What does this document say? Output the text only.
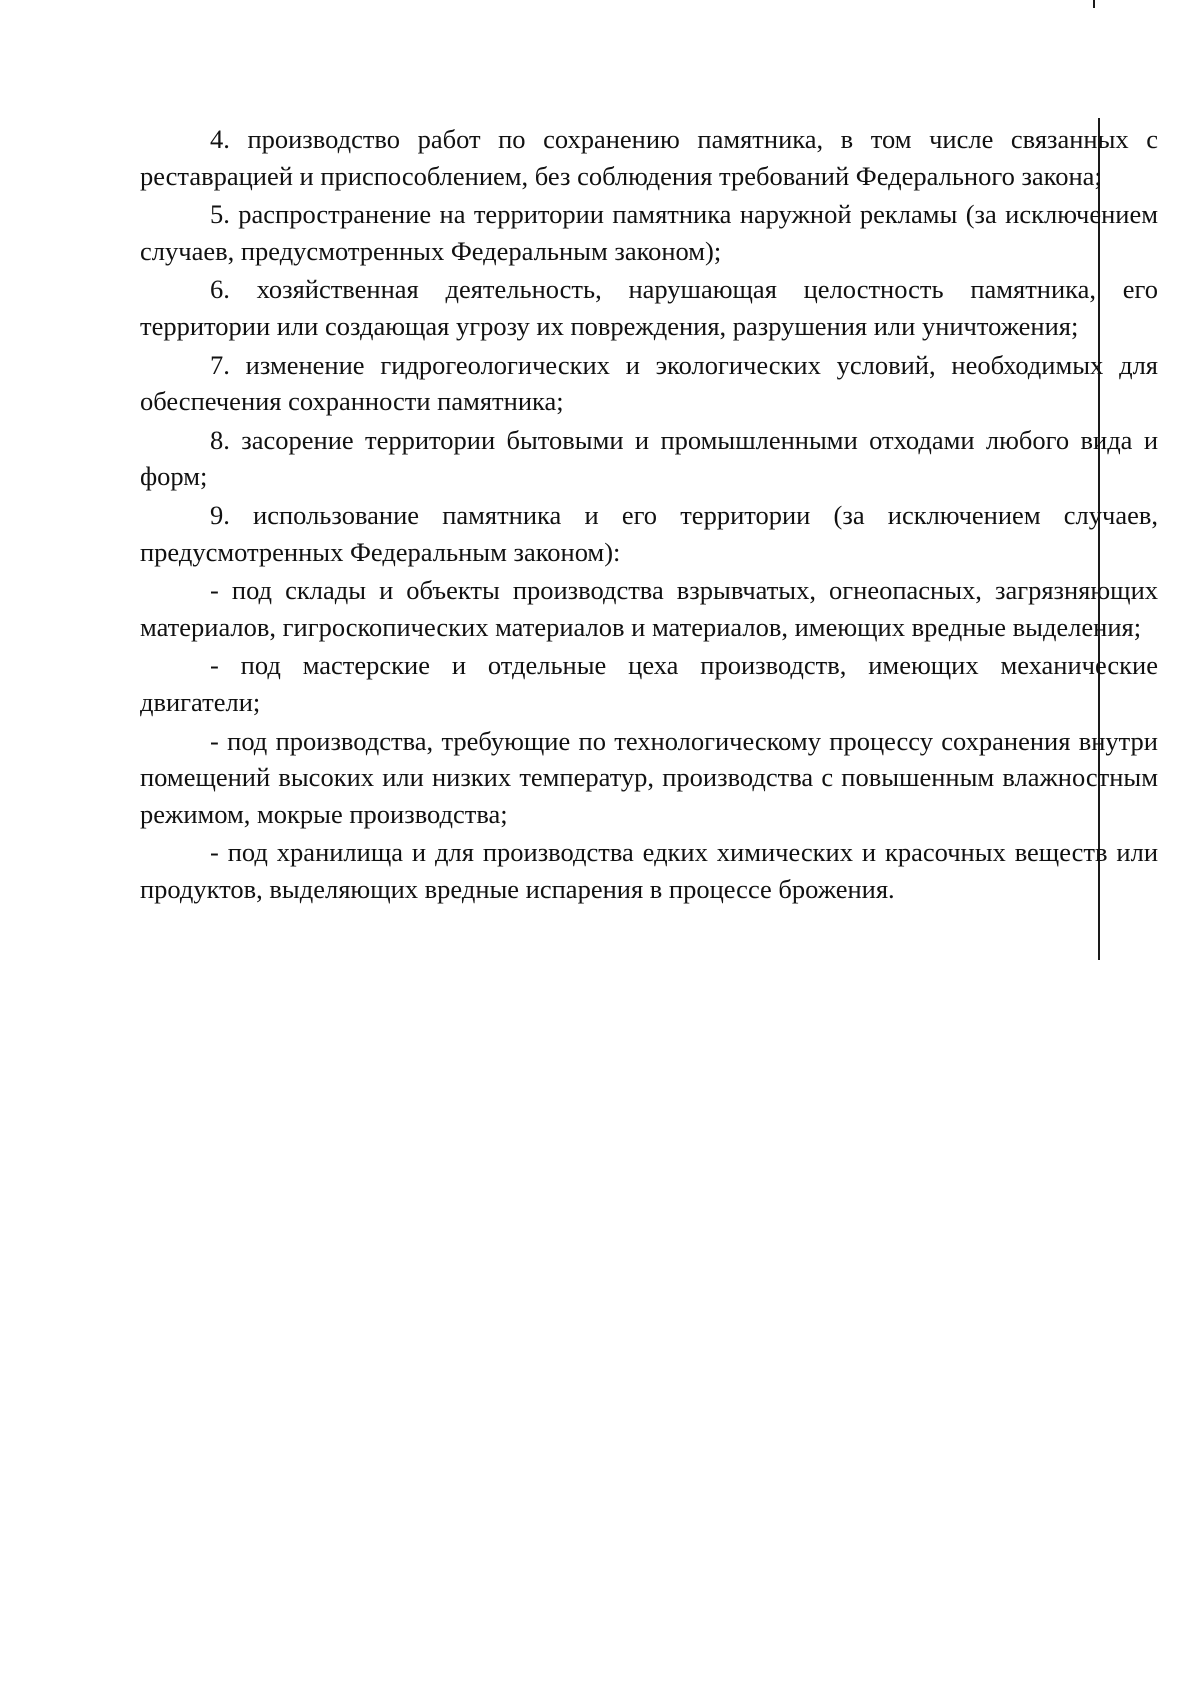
4. производство работ по сохранению памятника, в том числе связанных с реставрацией и приспособлением, без соблюдения требований Федерального закона;

5. распространение на территории памятника наружной рекламы (за исключением случаев, предусмотренных Федеральным законом);

6. хозяйственная деятельность, нарушающая целостность памятника, его территории или создающая угрозу их повреждения, разрушения или уничтожения;

7. изменение гидрогеологических и экологических условий, необходимых для обеспечения сохранности памятника;

8. засорение территории бытовыми и промышленными отходами любого вида и форм;

9. использование памятника и его территории (за исключением случаев, предусмотренных Федеральным законом):

- под склады и объекты производства взрывчатых, огнеопасных, загрязняющих материалов, гигроскопических материалов и материалов, имеющих вредные выделения;

- под мастерские и отдельные цеха производств, имеющих механические двигатели;

- под производства, требующие по технологическому процессу сохранения внутри помещений высоких или низких температур, производства с повышенным влажностным режимом, мокрые производства;

- под хранилища и для производства едких химических и красочных веществ или продуктов, выделяющих вредные испарения в процессе брожения.
